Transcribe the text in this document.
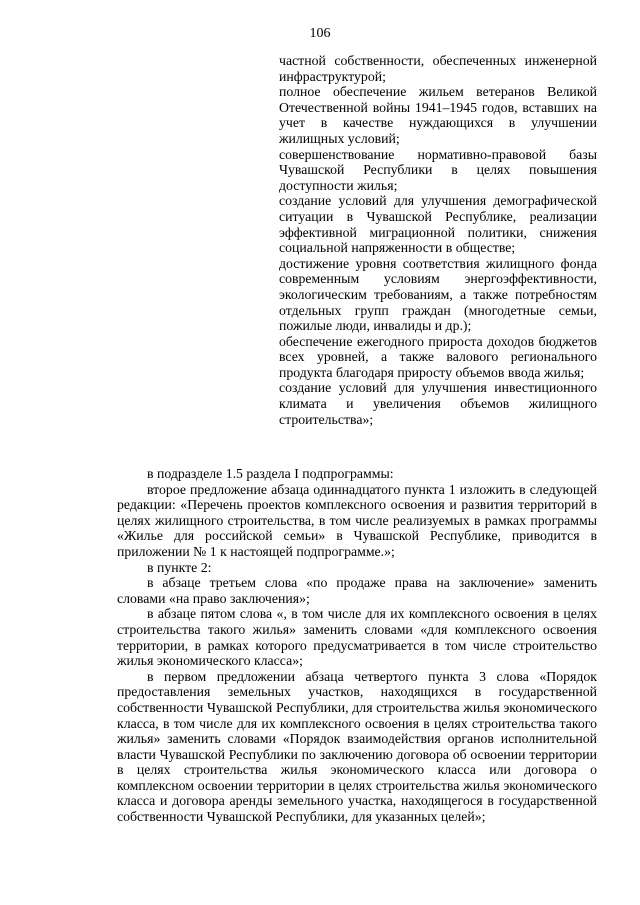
106

частной собственности, обеспеченных инженерной инфраструктурой;

полное обеспечение жильем ветеранов Великой Отечественной войны 1941–1945 годов, вставших на учет в качестве нуждающихся в улучшении жилищных условий;

совершенствование нормативно-правовой базы Чувашской Республики в целях повышения доступности жилья;

создание условий для улучшения демографической ситуации в Чувашской Республике, реализации эффективной миграционной политики, снижения социальной напряженности в обществе;

достижение уровня соответствия жилищного фонда современным условиям энергоэффективности, экологическим требованиям, а также потребностям отдельных групп граждан (многодетные семьи, пожилые люди, инвалиды и др.);

обеспечение ежегодного прироста доходов бюджетов всех уровней, а также валового регионального продукта благодаря приросту объемов ввода жилья;

создание условий для улучшения инвестиционного климата и увеличения объемов жилищного строительства»;

в подразделе 1.5 раздела I подпрограммы:

второе предложение абзаца одиннадцатого пункта 1 изложить в следующей редакции: «Перечень проектов комплексного освоения и развития территорий в целях жилищного строительства, в том числе реализуемых в рамках программы «Жилье для российской семьи» в Чувашской Республике, приводится в приложении № 1 к настоящей подпрограмме.»;

в пункте 2:

в абзаце третьем слова «по продаже права на заключение» заменить словами «на право заключения»;

в абзаце пятом слова «, в том числе для их комплексного освоения в целях строительства такого жилья» заменить словами «для комплексного освоения территории, в рамках которого предусматривается в том числе строительство жилья экономического класса»;

в первом предложении абзаца четвертого пункта 3 слова «Порядок предоставления земельных участков, находящихся в государственной собственности Чувашской Республики, для строительства жилья экономического класса, в том числе для их комплексного освоения в целях строительства такого жилья» заменить словами «Порядок взаимодействия органов исполнительной власти Чувашской Республики по заключению договора об освоении территории в целях строительства жилья экономического класса или договора о комплексном освоении территории в целях строительства жилья экономического класса и договора аренды земельного участка, находящегося в государственной собственности Чувашской Республики, для указанных целей»;
